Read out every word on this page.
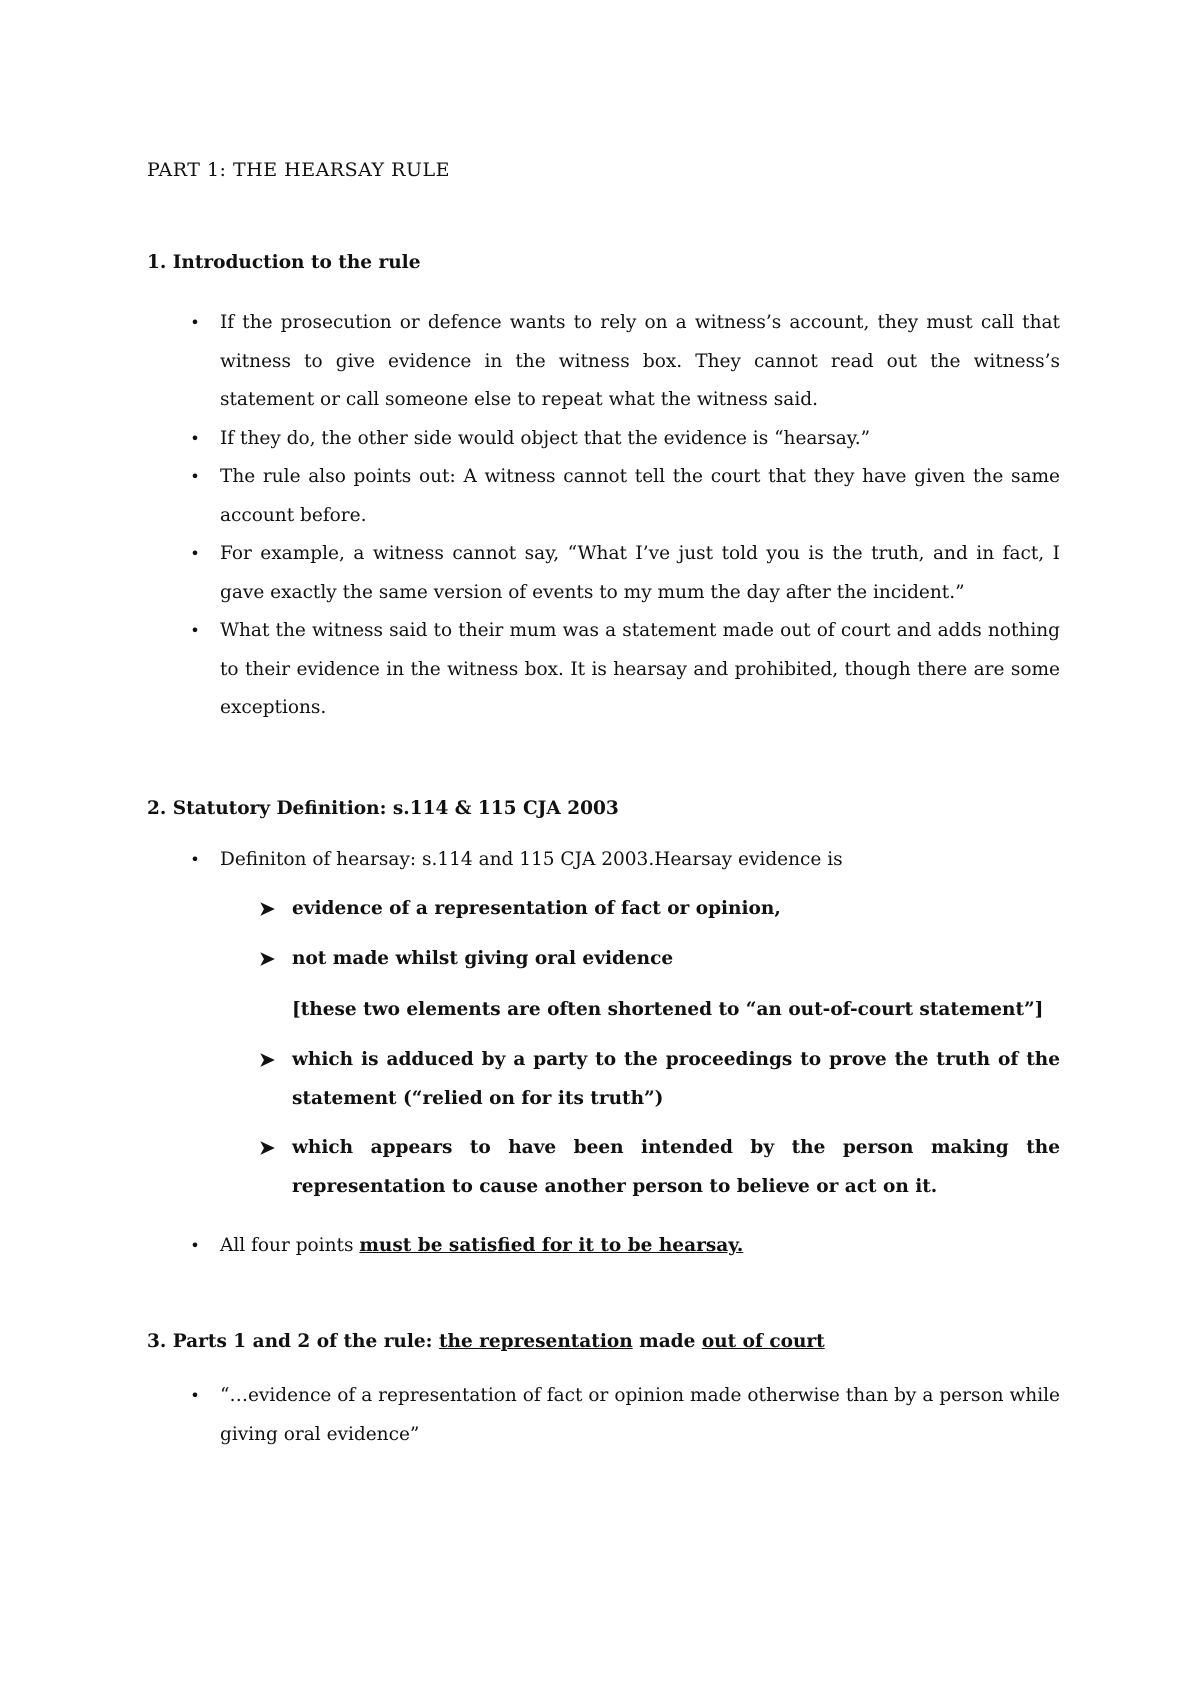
PART 1: THE HEARSAY RULE
1. Introduction to the rule
• If the prosecution or defence wants to rely on a witness’s account, they must call that witness to give evidence in the witness box. They cannot read out the witness’s statement or call someone else to repeat what the witness said.
• If they do, the other side would object that the evidence is “hearsay.”
• The rule also points out: A witness cannot tell the court that they have given the same account before.
• For example, a witness cannot say, “What I’ve just told you is the truth, and in fact, I gave exactly the same version of events to my mum the day after the incident.”
• What the witness said to their mum was a statement made out of court and adds nothing to their evidence in the witness box. It is hearsay and prohibited, though there are some exceptions.
2. Statutory Definition: s.114 & 115 CJA 2003
• Definiton of hearsay: s.114 and 115 CJA 2003.Hearsay evidence is
➤ evidence of a representation of fact or opinion,
➤ not made whilst giving oral evidence
[these two elements are often shortened to “an out-of-court statement”]
➤ which is adduced by a party to the proceedings to prove the truth of the statement (“relied on for its truth”)
➤ which appears to have been intended by the person making the representation to cause another person to believe or act on it.
• All four points must be satisfied for it to be hearsay.
3. Parts 1 and 2 of the rule: the representation made out of court
• “…evidence of a representation of fact or opinion made otherwise than by a person while giving oral evidence”
